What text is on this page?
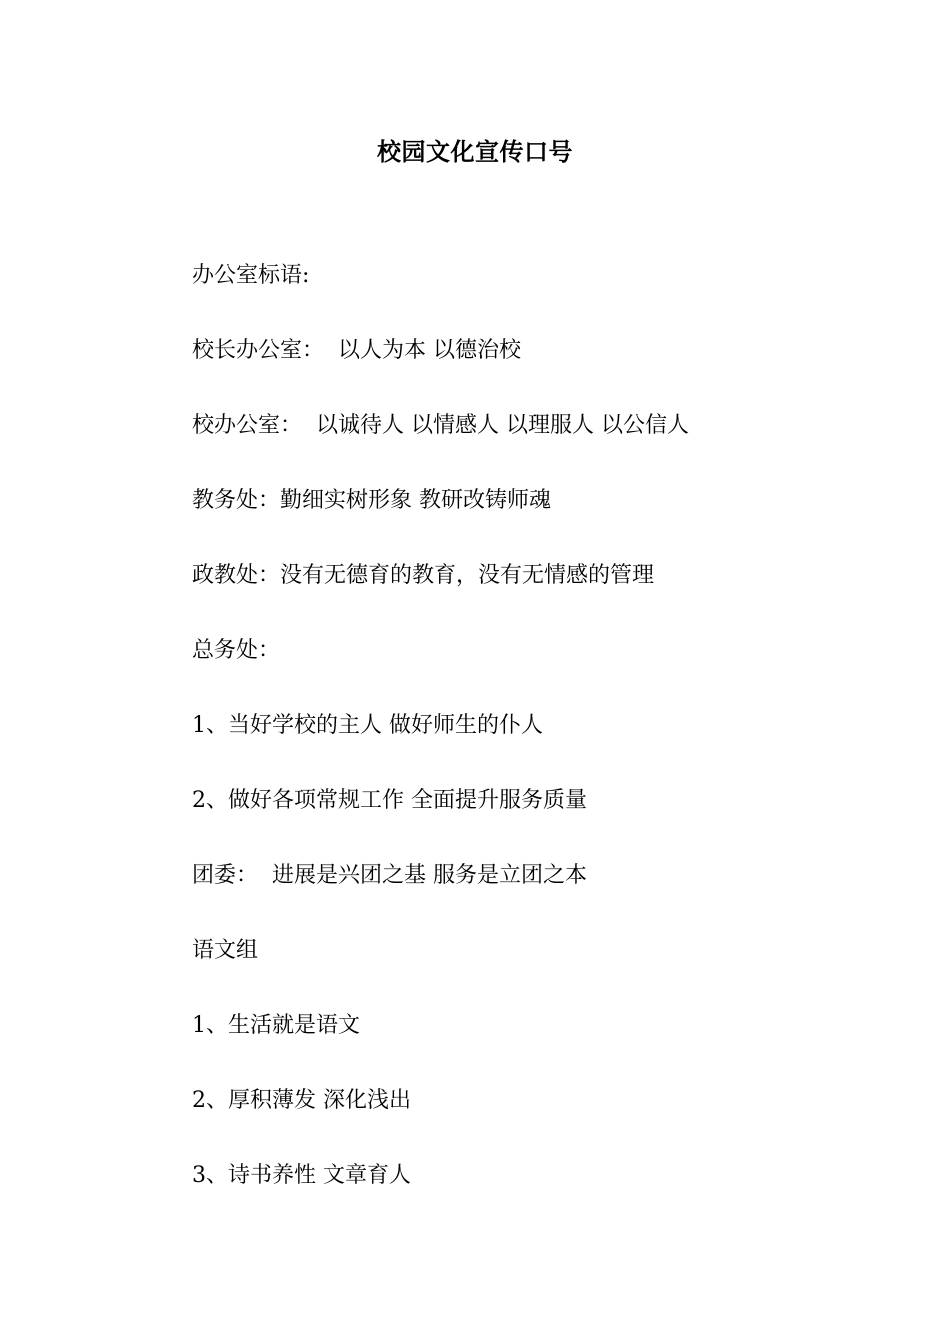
校园文化宣传口号
办公室标语:
校长办公室：  以人为本 以德治校
校办公室：  以诚待人 以情感人 以理服人 以公信人
教务处：勤细实树形象 教研改铸师魂
政教处：没有无德育的教育，没有无情感的管理
总务处：
1、当好学校的主人 做好师生的仆人
2、做好各项常规工作 全面提升服务质量
团委：  进展是兴团之基 服务是立团之本
语文组
1、生活就是语文
2、厚积薄发 深化浅出
3、诗书养性 文章育人
